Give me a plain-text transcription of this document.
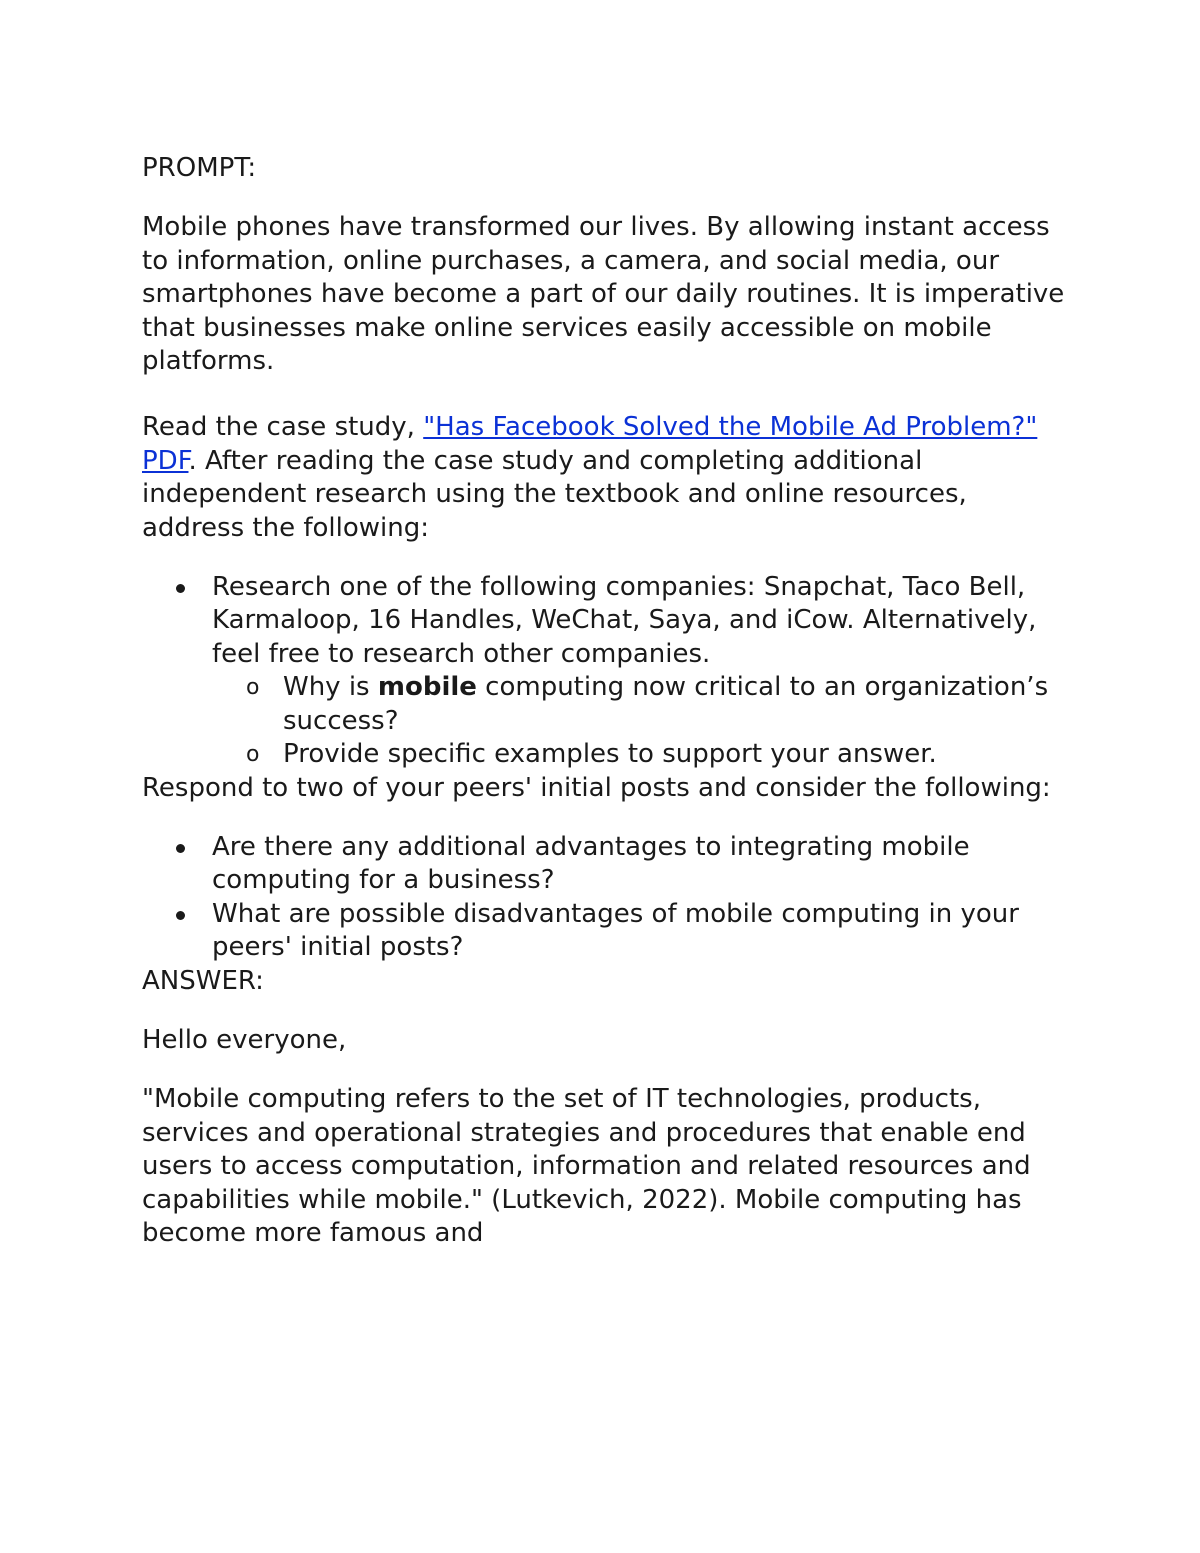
PROMPT:

Mobile phones have transformed our lives. By allowing instant access to information, online purchases, a camera, and social media, our smartphones have become a part of our daily routines. It is imperative that businesses make online services easily accessible on mobile platforms.

Read the case study, "Has Facebook Solved the Mobile Ad Problem?" PDF. After reading the case study and completing additional independent research using the textbook and online resources, address the following:

Research one of the following companies: Snapchat, Taco Bell, Karmaloop, 16 Handles, WeChat, Saya, and iCow. Alternatively, feel free to research other companies.
o Why is mobile computing now critical to an organization’s success?
o Provide specific examples to support your answer.

Respond to two of your peers' initial posts and consider the following:

Are there any additional advantages to integrating mobile computing for a business?
What are possible disadvantages of mobile computing in your peers' initial posts?

ANSWER:

Hello everyone,

"Mobile computing refers to the set of IT technologies, products, services and operational strategies and procedures that enable end users to access computation, information and related resources and capabilities while mobile." (Lutkevich, 2022). Mobile computing has become more famous and
